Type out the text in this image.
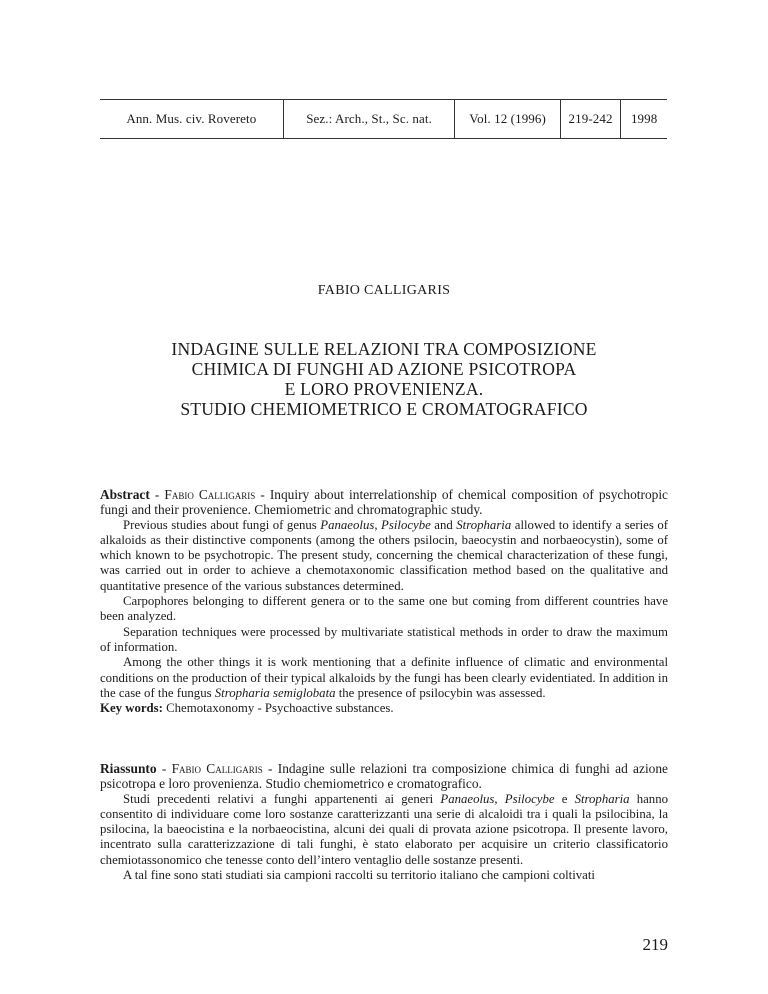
Ann. Mus. civ. Rovereto	Sez.: Arch., St., Sc. nat.	Vol. 12 (1996)	219-242	1998
FABIO CALLIGARIS
INDAGINE SULLE RELAZIONI TRA COMPOSIZIONE
CHIMICA DI FUNGHI AD AZIONE PSICOTROPA
E LORO PROVENIENZA.
STUDIO CHEMIOMETRICO E CROMATOGRAFICO

Abstract - Fabio Calligaris - Inquiry about interrelationship of chemical composition of psychotropic fungi and their provenience. Chemiometric and chromatographic study.

Previous studies about fungi of genus Panaeolus, Psilocybe and Stropharia allowed to identify a series of alkaloids as their distinctive components (among the others psilocin, baeocystin and norbaeocystin), some of which known to be psychotropic. The present study, concerning the chemical characterization of these fungi, was carried out in order to achieve a chemotaxonomic classification method based on the qualitative and quantitative presence of the various substances determined.

Carpophores belonging to different genera or to the same one but coming from different countries have been analyzed.

Separation techniques were processed by multivariate statistical methods in order to draw the maximum of information.

Among the other things it is work mentioning that a definite influence of climatic and environmental conditions on the production of their typical alkaloids by the fungi has been clearly evidentiated. In addition in the case of the fungus Stropharia semiglobata the presence of psilocybin was assessed.

Key words: Chemotaxonomy - Psychoactive substances.

Riassunto - Fabio Calligaris - Indagine sulle relazioni tra composizione chimica di funghi ad azione psicotropa e loro provenienza. Studio chemiometrico e cromatografico.

Studi precedenti relativi a funghi appartenenti ai generi Panaeolus, Psilocybe e Strophariа hanno consentito di individuare come loro sostanze caratterizzanti una serie di alcaloidi tra i quali la psilocibina, la psilocina, la baeocistina e la norbaeocistina, alcuni dei quali di provata azione psicotropa. Il presente lavoro, incentrato sulla caratterizzazione di tali funghi, è stato elaborato per acquisire un criterio classificatorio chemiotassonomico che tenesse conto dell’intero ventaglio delle sostanze presenti.

A tal fine sono stati studiati sia campioni raccolti su territorio italiano che campioni coltivati

219
